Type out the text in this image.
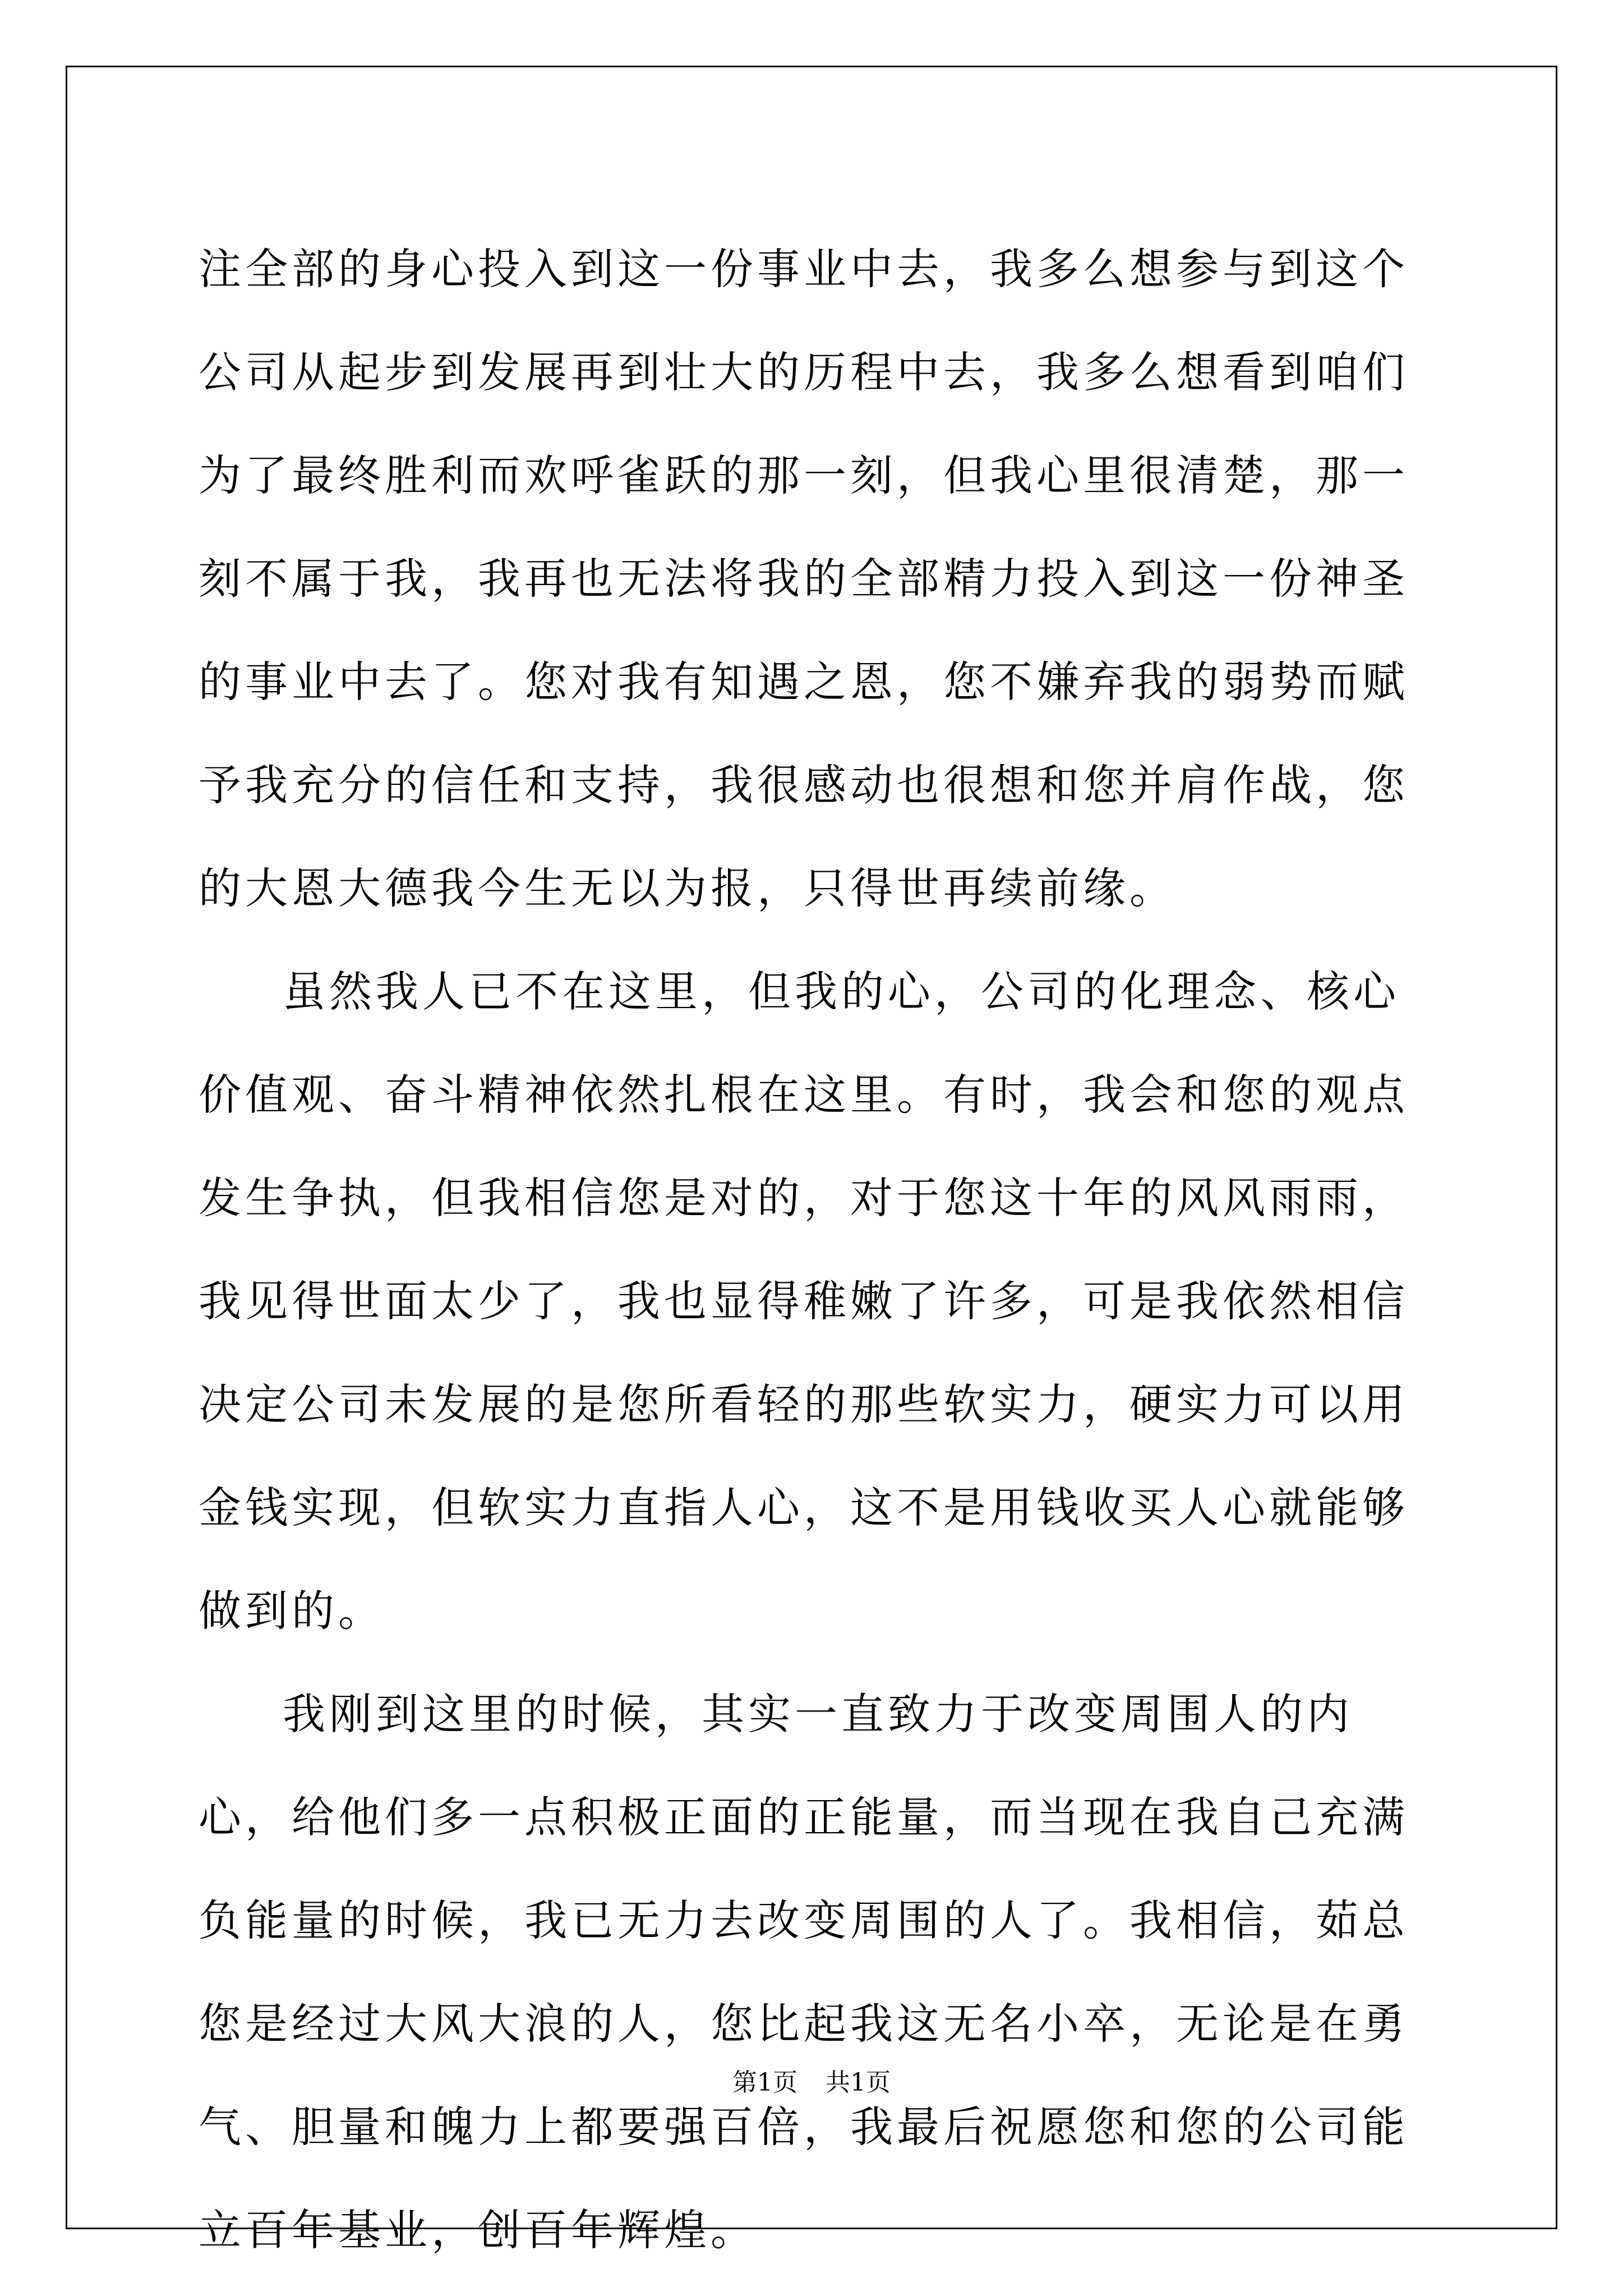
注全部的身心投入到这一份事业中去，我多么想参与到这个公司从起步到发展再到壮大的历程中去，我多么想看到咱们为了最终胜利而欢呼雀跃的那一刻，但我心里很清楚，那一刻不属于我，我再也无法将我的全部精力投入到这一份神圣的事业中去了。您对我有知遇之恩，您不嫌弃我的弱势而赋予我充分的信任和支持，我很感动也很想和您并肩作战，您的大恩大德我今生无以为报，只得世再续前缘。

虽然我人已不在这里，但我的心，公司的化理念、核心价值观、奋斗精神依然扎根在这里。有时，我会和您的观点发生争执，但我相信您是对的，对于您这十年的风风雨雨，我见得世面太少了，我也显得稚嫩了许多，可是我依然相信决定公司未发展的是您所看轻的那些软实力，硬实力可以用金钱实现，但软实力直指人心，这不是用钱收买人心就能够做到的。

我刚到这里的时候，其实一直致力于改变周围人的内心，给他们多一点积极正面的正能量，而当现在我自己充满负能量的时候，我已无力去改变周围的人了。我相信，茹总您是经过大风大浪的人，您比起我这无名小卒，无论是在勇气、胆量和魄力上都要强百倍，我最后祝愿您和您的公司能立百年基业，创百年辉煌。

第1页 共1页
